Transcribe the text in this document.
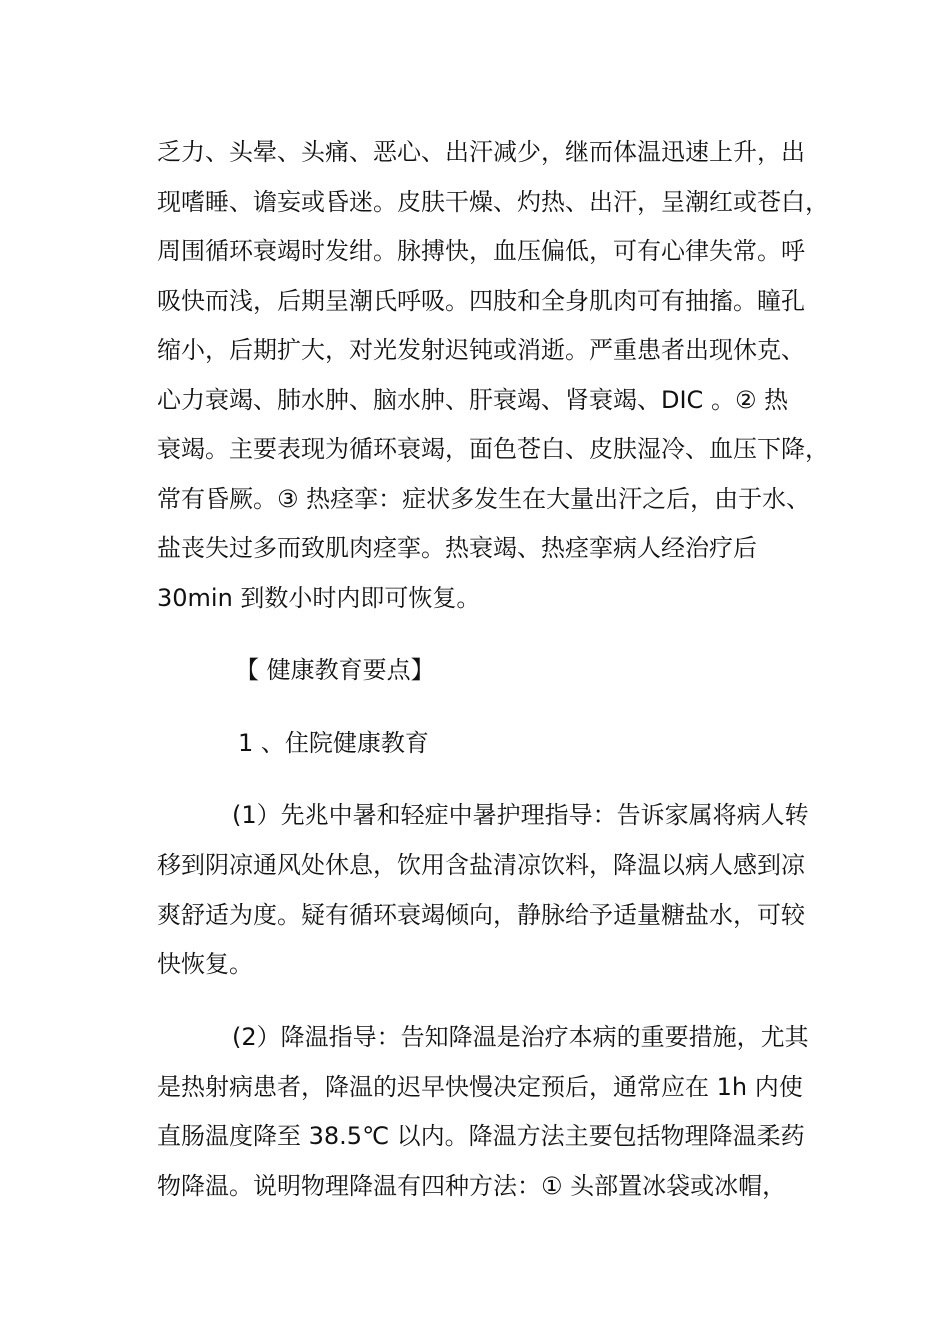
乏力、头晕、头痛、恶心、出汗减少，继而体温迅速上升，出
现嗜睡、谵妄或昏迷。皮肤干燥、灼热、出汗，呈潮红或苍白，
周围循环衰竭时发绀。脉搏快，血压偏低，可有心律失常。呼
吸快而浅，后期呈潮氏呼吸。四肢和全身肌肉可有抽搐。瞳孔
缩小，后期扩大，对光发射迟钝或消逝。严重患者出现休克、
心力衰竭、肺水肿、脑水肿、肝衰竭、肾衰竭、DIC 。② 热
衰竭。主要表现为循环衰竭，面色苍白、皮肤湿冷、血压下降，
常有昏厥。③ 热痉挛：症状多发生在大量出汗之后，由于水、
盐丧失过多而致肌肉痉挛。热衰竭、热痉挛病人经治疗后
30min 到数小时内即可恢复。
【 健康教育要点】
1 、住院健康教育
(1）先兆中暑和轻症中暑护理指导：告诉家属将病人转
移到阴凉通风处休息，饮用含盐清凉饮料，降温以病人感到凉
爽舒适为度。疑有循环衰竭倾向，静脉给予适量糖盐水，可较
快恢复。
(2）降温指导：告知降温是治疗本病的重要措施，尤其
是热射病患者，降温的迟早快慢决定预后，通常应在 1h 内使
直肠温度降至 38.5℃ 以内。降温方法主要包括物理降温柔药
物降温。说明物理降温有四种方法：① 头部置冰袋或冰帽，
